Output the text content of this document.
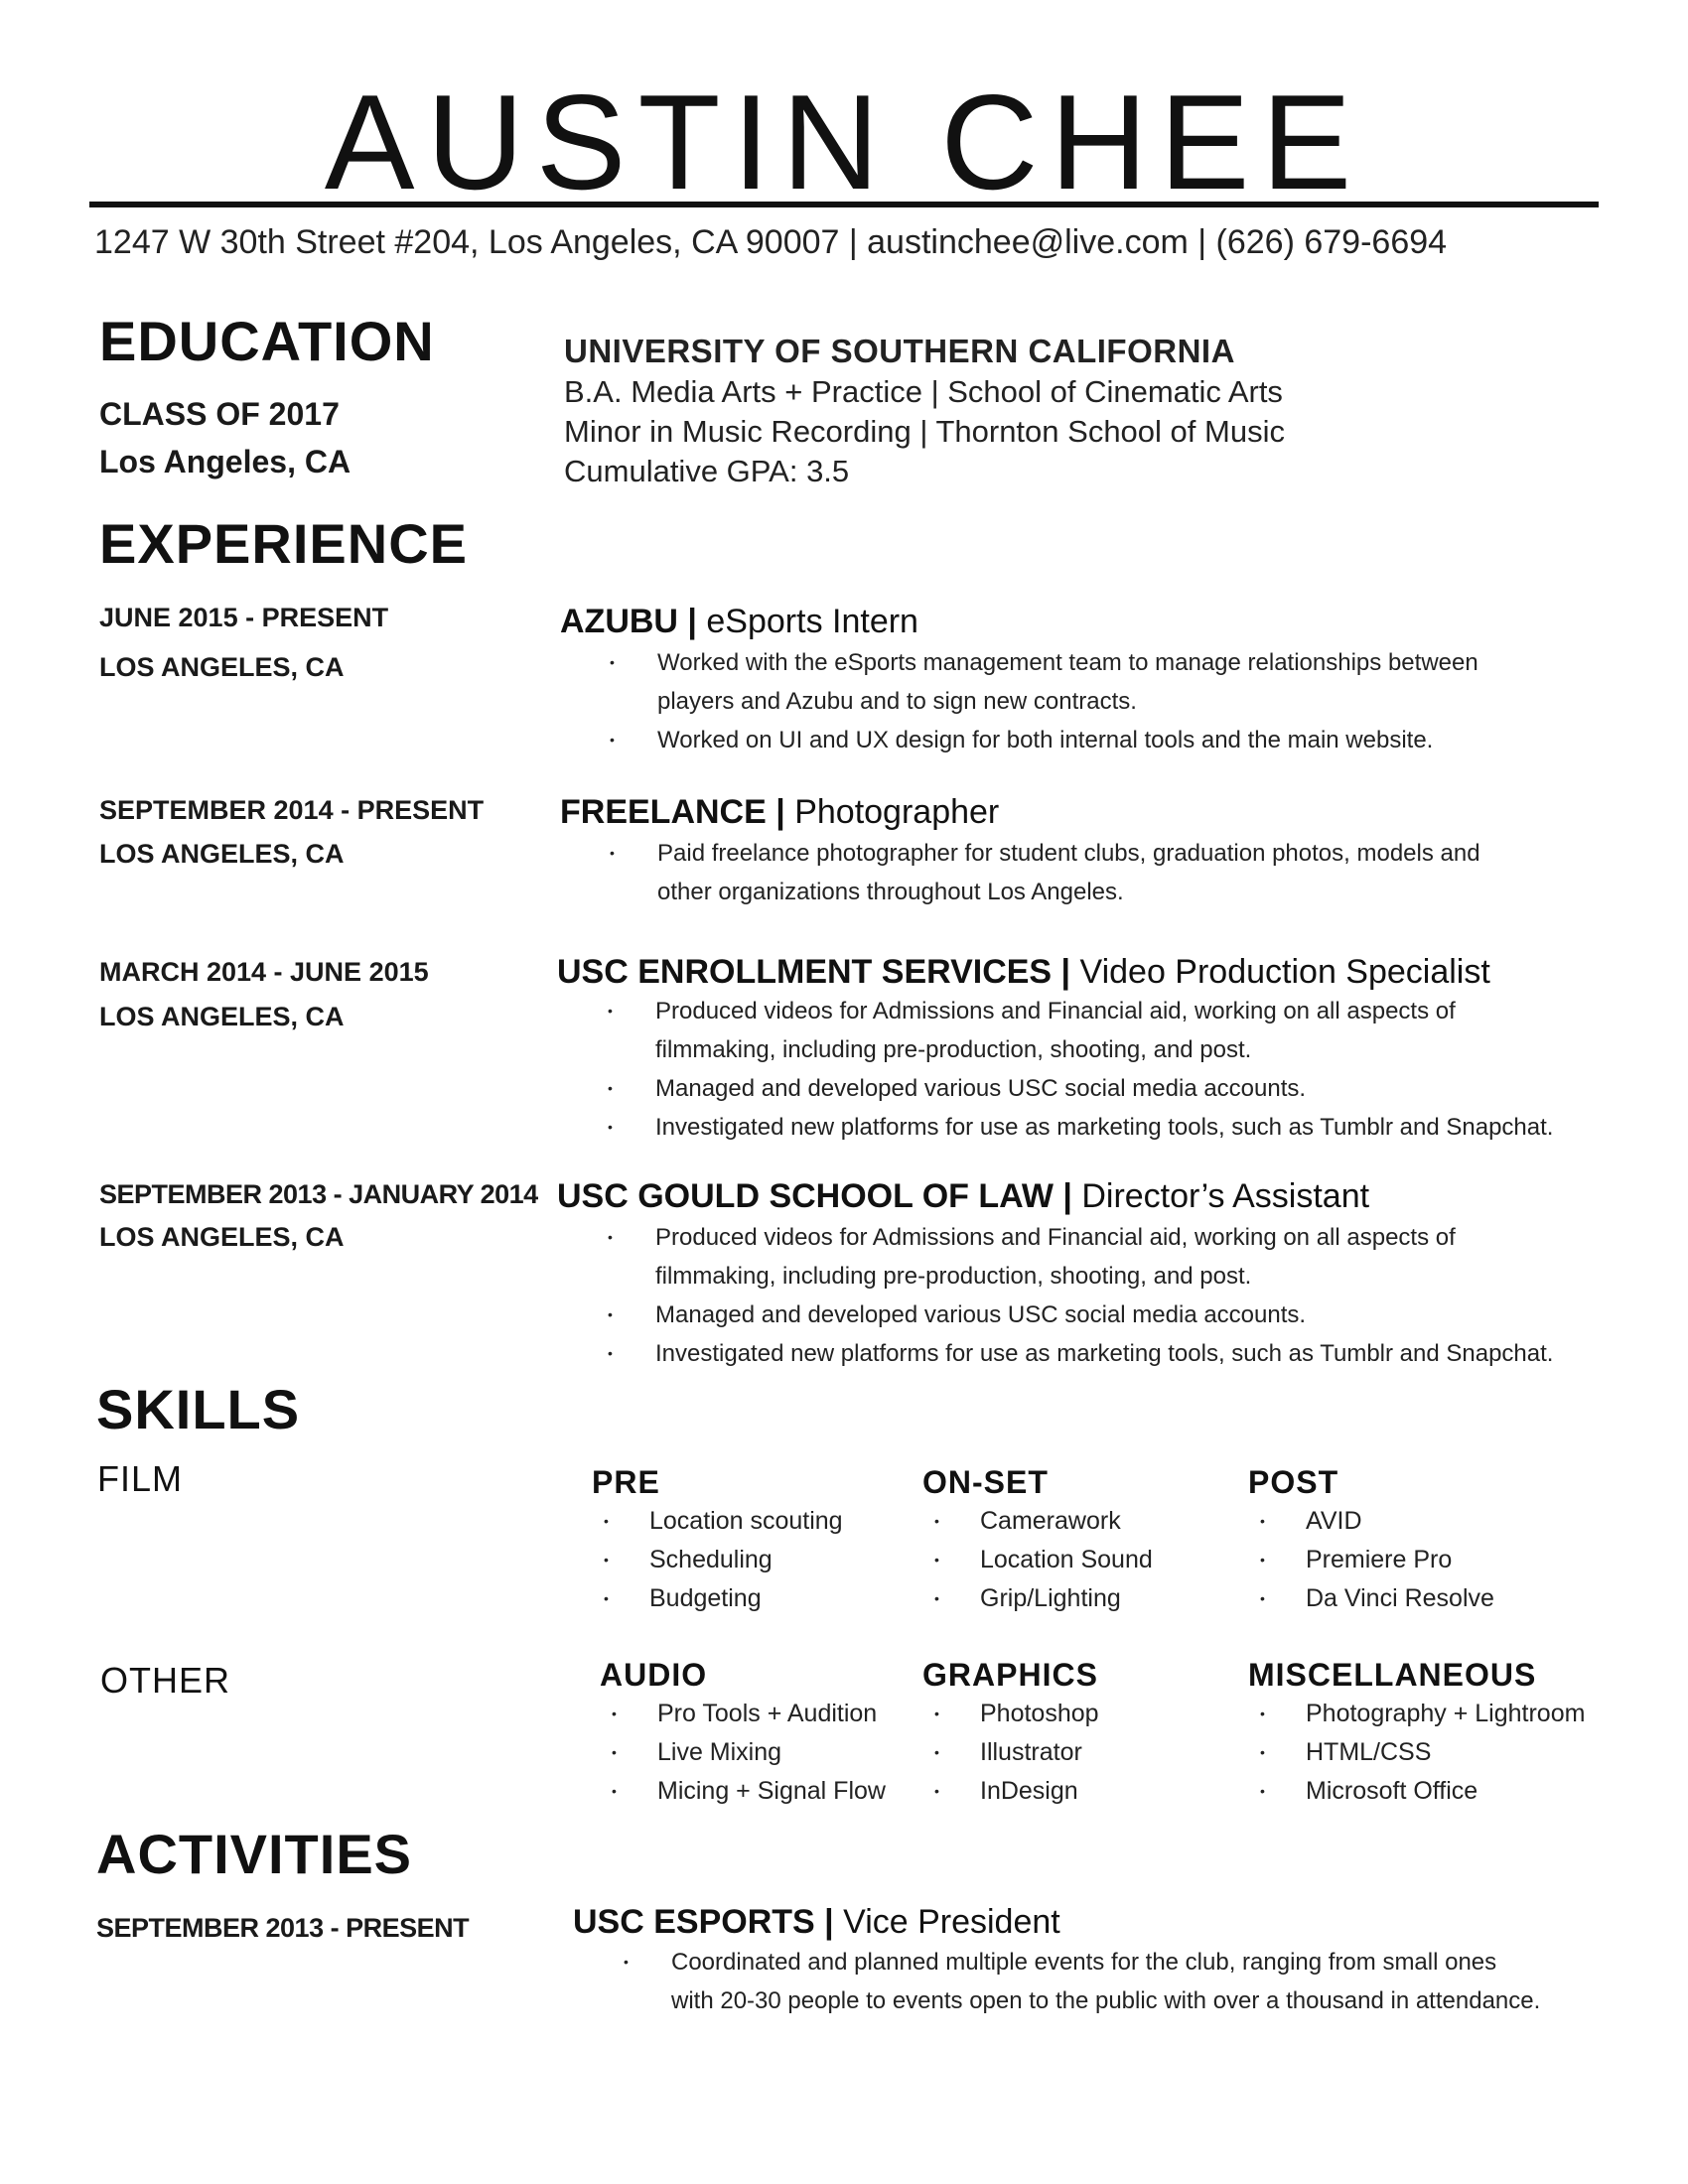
AUSTIN CHEE
1247 W 30th Street #204, Los Angeles, CA 90007 | austinchee@live.com | (626) 679-6694
EDUCATION
CLASS OF 2017
Los Angeles, CA
UNIVERSITY OF SOUTHERN CALIFORNIA
B.A. Media Arts + Practice | School of Cinematic Arts
Minor in Music Recording | Thornton School of Music
Cumulative GPA: 3.5
EXPERIENCE
JUNE 2015 - PRESENT
LOS ANGELES, CA
AZUBU | eSports Intern
• Worked with the eSports management team to manage relationships between
players and Azubu and to sign new contracts.
• Worked on UI and UX design for both internal tools and the main website.
SEPTEMBER 2014 - PRESENT
LOS ANGELES, CA
FREELANCE | Photographer
• Paid freelance photographer for student clubs, graduation photos, models and
other organizations throughout Los Angeles.
MARCH 2014 - JUNE 2015
LOS ANGELES, CA
USC ENROLLMENT SERVICES | Video Production Specialist
• Produced videos for Admissions and Financial aid, working on all aspects of
filmmaking, including pre-production, shooting, and post.
• Managed and developed various USC social media accounts.
• Investigated new platforms for use as marketing tools, such as Tumblr and Snapchat.
SEPTEMBER 2013 - JANUARY 2014
LOS ANGELES, CA
USC GOULD SCHOOL OF LAW | Director’s Assistant
• Produced videos for Admissions and Financial aid, working on all aspects of
filmmaking, including pre-production, shooting, and post.
• Managed and developed various USC social media accounts.
• Investigated new platforms for use as marketing tools, such as Tumblr and Snapchat.
SKILLS
FILM	PRE
• Location scouting
• Scheduling
• Budgeting
ON-SET
• Camerawork
• Location Sound
• Grip/Lighting
POST
• AVID
• Premiere Pro
• Da Vinci Resolve
OTHER	AUDIO
• Pro Tools + Audition
• Live Mixing
• Micing + Signal Flow
GRAPHICS
• Photoshop
• Illustrator
• InDesign
MISCELLANEOUS
• Photography + Lightroom
• HTML/CSS
• Microsoft Office
ACTIVITIES
SEPTEMBER 2013 - PRESENT	USC ESPORTS | Vice President
• Coordinated and planned multiple events for the club, ranging from small ones
with 20-30 people to events open to the public with over a thousand in attendance.
